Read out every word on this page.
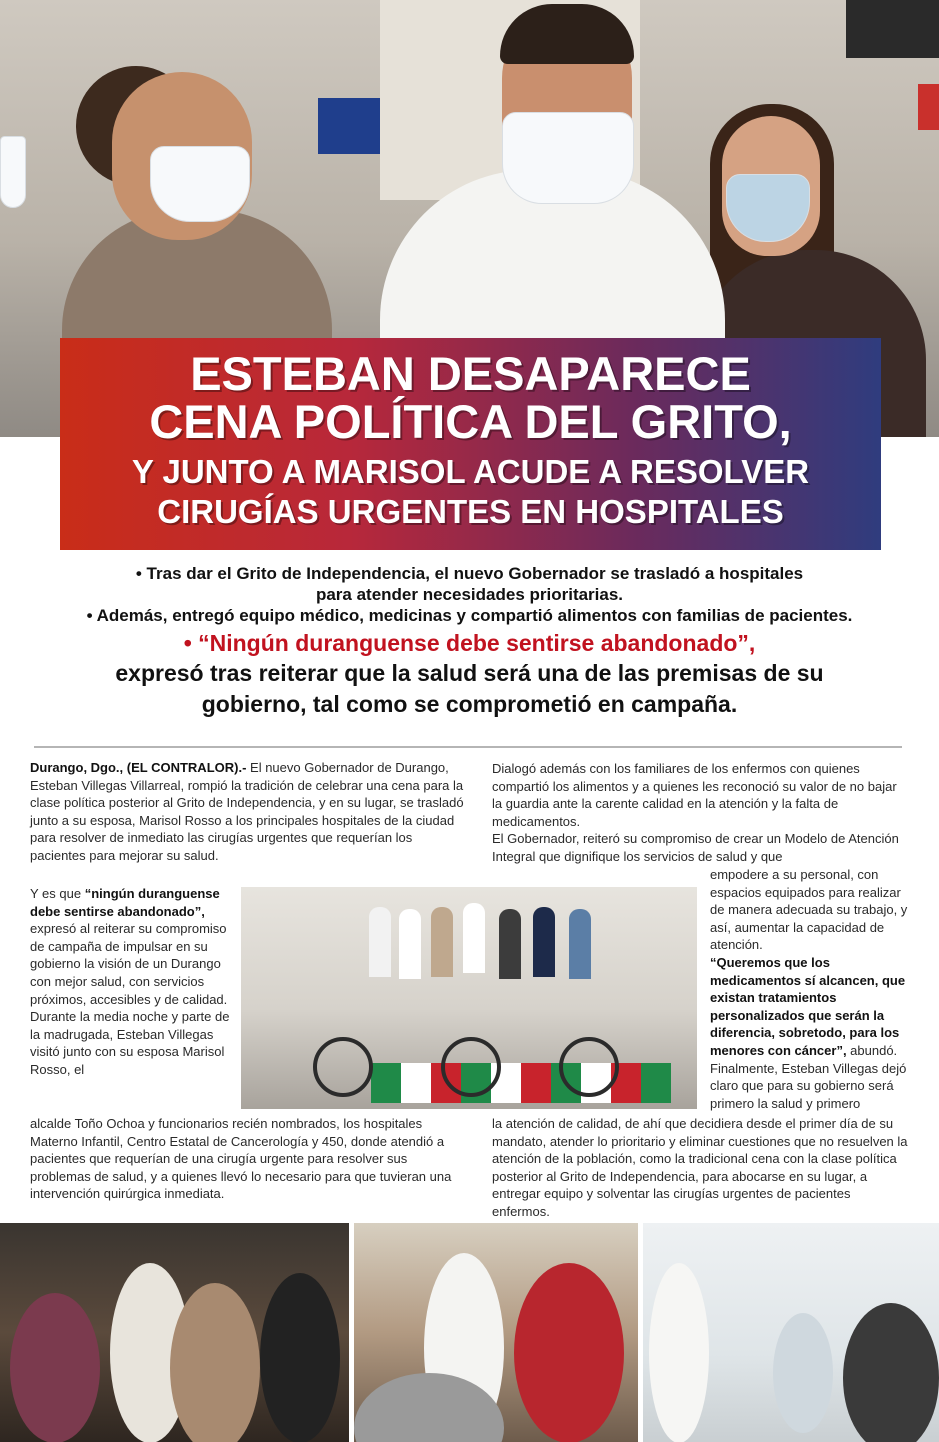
ESTEBAN DESAPARECE
CENA POLÍTICA DEL GRITO,
Y JUNTO A MARISOL ACUDE A RESOLVER
CIRUGÍAS URGENTES EN HOSPITALES
• Tras dar el Grito de Independencia, el nuevo Gobernador se trasladó a hospitales
para atender necesidades prioritarias.
• Además, entregó equipo médico, medicinas y compartió alimentos con familias de pacientes.
• “Ningún duranguense debe sentirse abandonado”,
expresó tras reiterar que la salud será una de las premisas de su
gobierno, tal como se comprometió en campaña.

Durango, Dgo., (EL CONTRALOR).- El nuevo Gobernador de Durango, Esteban Villegas Villarreal, rompió la tradición de celebrar una cena para la clase política posterior al Grito de Independencia, y en su lugar, se trasladó junto a su esposa, Marisol Rosso a los principales hospitales de la ciudad para resolver de inmediato las cirugías urgentes que requerían los pacientes para mejorar su salud.

Y es que “ningún duranguense debe sentirse abandonado”, expresó al reiterar su compromiso de campaña de impulsar en su gobierno la visión de un Durango con mejor salud, con servicios próximos, accesibles y de calidad.

Durante la media noche y parte de la madrugada, Esteban Villegas visitó junto con su esposa Marisol Rosso, el

alcalde Toño Ochoa y funcionarios recién nombrados, los hospitales Materno Infantil, Centro Estatal de Cancerología y 450, donde atendió a pacientes que requerían de una cirugía urgente para resolver sus problemas de salud, y a quienes llevó lo necesario para que tuvieran una intervención quirúrgica inmediata.

Dialogó además con los familiares de los enfermos con quienes compartió los alimentos y a quienes les reconoció su valor de no bajar la guardia ante la carente calidad en la atención y la falta de medicamentos.

El Gobernador, reiteró su compromiso de crear un Modelo de Atención Integral que dignifique los servicios de salud y que

empodere a su personal, con espacios equipados para realizar de manera adecuada su trabajo, y así, aumentar la capacidad de atención.

“Queremos que los medicamentos sí alcancen, que existan tratamientos personalizados que serán la diferencia, sobretodo, para los menores con cáncer”, abundó.

Finalmente, Esteban Villegas dejó claro que para su gobierno será primero la salud y primero

la atención de calidad, de ahí que decidiera desde el primer día de su mandato, atender lo prioritario y eliminar cuestiones que no resuelven la atención de la población, como la tradicional cena con la clase política posterior al Grito de Independencia, para abocarse en su lugar, a entregar equipo y solventar las cirugías urgentes de pacientes enfermos.
